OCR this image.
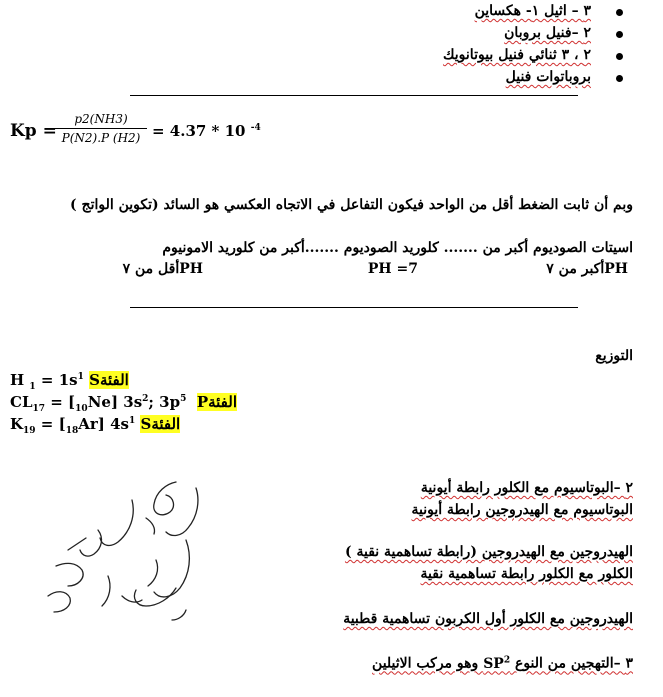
٣ – اثيل ١- هكساين
٢ –فنيل بروبان
٢ ، ٣ ثنائي فنيل بيوتانويك
بروباتوات فنيل
Kp =
$\frac{p2(NH3)}{P(N2).P (H2)} = 4.37 * 10$ $^{-4}$
وبم أن ثابت الضغط أقل من الواحد فيكون التفاعل في الاتجاه العكسي هو السائد (تكوين الواتج )
اسيتات الصوديوم أكبر من ....... كلوريد الصوديوم .......أكبر من كلوريد الامونيوم
PHأكبر من ٧
PH =7
PHأقل من ٧
التوزيع
H $_1 = 1s^1$ Sالفئة
$CL_{17} = [_{10}Ne]$ $3s^2$; $3p^5$ Pالفئة
$K_{19} = [_{18}Ar]$ $4s^1$ Sالفئة
٢ –البوتاسيوم مع الكلور رابطة أيونية
البوتاسيوم مع الهيدروجين رابطة أيونية
الهيدروجين مع الهيدروجين (رابطة تساهمية نقية )
الكلور مع الكلور رابطة تساهمية نقية
الهيدروجين مع الكلور أول الكربون تساهمية قطبية
٣ –التهجين من النوع $SP^2$ وهو مركب الاثيلين
